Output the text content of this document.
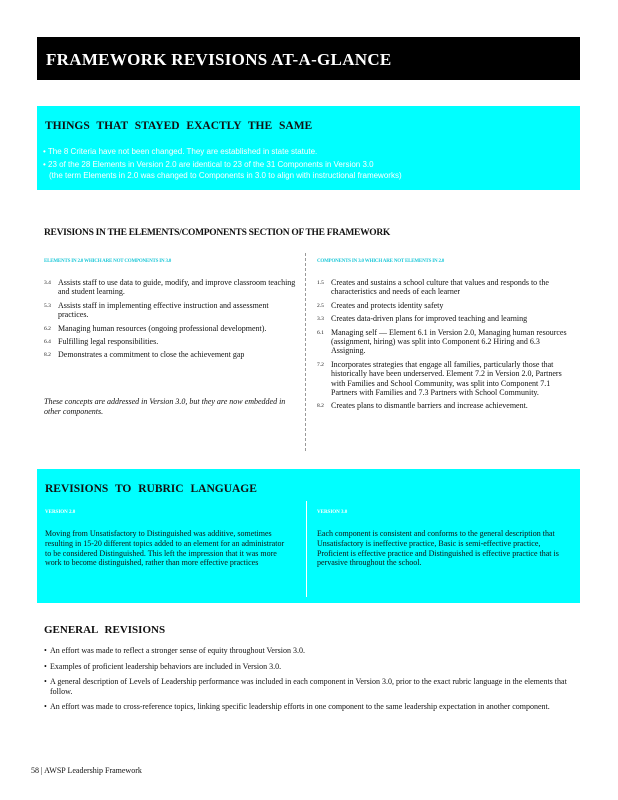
FRAMEWORK REVISIONS AT-A-GLANCE
THINGS THAT STAYED EXACTLY THE SAME
• The 8 Criteria have not been changed. They are established in state statute.
• 23 of the 28 Elements in Version 2.0 are identical to 23 of the 31 Components in Version 3.0
(the term Elements in 2.0 was changed to Components in 3.0 to align with instructional frameworks)
REVISIONS IN THE ELEMENTS/COMPONENTS SECTION OF THE FRAMEWORK
ELEMENTS IN 2.0 WHICH ARE NOT COMPONENTS IN 3.0	COMPONENTS IN 3.0 WHICH ARE NOT ELEMENTS IN 2.0
3.4 Assists staff to use data to guide, modify, and improve classroom teaching and student learning.
5.3 Assists staff in implementing effective instruction and assessment practices.
6.2 Managing human resources (ongoing professional development).
6.4 Fulfilling legal responsibilities.
8.2 Demonstrates a commitment to close the achievement gap
These concepts are addressed in Version 3.0, but they are now embedded in other components.
1.5 Creates and sustains a school culture that values and responds to the characteristics and needs of each learner
2.5 Creates and protects identity safety
3.3 Creates data-driven plans for improved teaching and learning
6.1 Managing self — Element 6.1 in Version 2.0, Managing human resources (assignment, hiring) was split into Component 6.2 Hiring and 6.3 Assigning.
7.2 Incorporates strategies that engage all families, particularly those that historically have been underserved. Element 7.2 in Version 2.0, Partners with Families and School Community, was split into Component 7.1 Partners with Families and 7.3 Partners with School Community.
8.2 Creates plans to dismantle barriers and increase achievement.
REVISIONS TO RUBRIC LANGUAGE
VERSION 2.0	VERSION 3.0
Moving from Unsatisfactory to Distinguished was additive, sometimes resulting in 15-20 different topics added to an element for an administrator to be considered Distinguished. This left the impression that it was more work to become distinguished, rather than more effective practices
Each component is consistent and conforms to the general description that Unsatisfactory is ineffective practice, Basic is semi-effective practice, Proficient is effective practice and Distinguished is effective practice that is pervasive throughout the school.
GENERAL REVISIONS
• An effort was made to reflect a stronger sense of equity throughout Version 3.0.
• Examples of proficient leadership behaviors are included in Version 3.0.
• A general description of Levels of Leadership performance was included in each component in Version 3.0, prior to the exact rubric language in the elements that follow.
• An effort was made to cross-reference topics, linking specific leadership efforts in one component to the same leadership expectation in another component.
58 | AWSP Leadership Framework
